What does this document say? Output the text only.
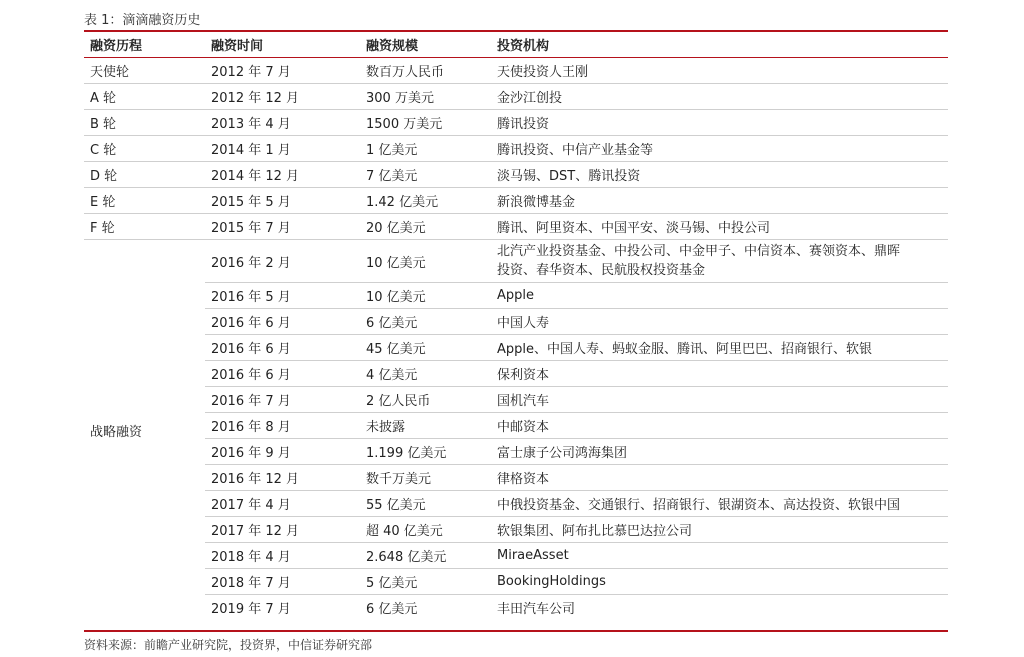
表 1：滴滴融资历史
融资历程	融资时间	融资规模	投资机构
天使轮	2012 年 7 月	数百万人民币	天使投资人王刚
A 轮	2012 年 12 月	300 万美元	金沙江创投
B 轮	2013 年 4 月	1500 万美元	腾讯投资
C 轮	2014 年 1 月	1 亿美元	腾讯投资、中信产业基金等
D 轮	2014 年 12 月	7 亿美元	淡马锡、DST、腾讯投资
E 轮	2015 年 5 月	1.42 亿美元	新浪微博基金
F 轮	2015 年 7 月	20 亿美元	腾讯、阿里资本、中国平安、淡马锡、中投公司
战略融资	2016 年 2 月	10 亿美元	北汽产业投资基金、中投公司、中金甲子、中信资本、赛领资本、鼎晖
投资、春华资本、民航股权投资基金

	2016 年 5 月	10 亿美元	Apple
	2016 年 6 月	6 亿美元	中国人寿
	2016 年 6 月	45 亿美元	Apple、中国人寿、蚂蚁金服、腾讯、阿里巴巴、招商银行、软银
	2016 年 6 月	4 亿美元	保利资本
	2016 年 7 月	2 亿人民币	国机汽车
	2016 年 8 月	未披露	中邮资本
	2016 年 9 月	1.199 亿美元	富士康子公司鸿海集团
	2016 年 12 月	数千万美元	律格资本
	2017 年 4 月	55 亿美元	中俄投资基金、交通银行、招商银行、银湖资本、高达投资、软银中国
	2017 年 12 月	超 40 亿美元	软银集团、阿布扎比慕巴达拉公司
	2018 年 4 月	2.648 亿美元	MiraeAsset
	2018 年 7 月	5 亿美元	BookingHoldings
	2019 年 7 月	6 亿美元	丰田汽车公司
资料来源：前瞻产业研究院，投资界，中信证券研究部
